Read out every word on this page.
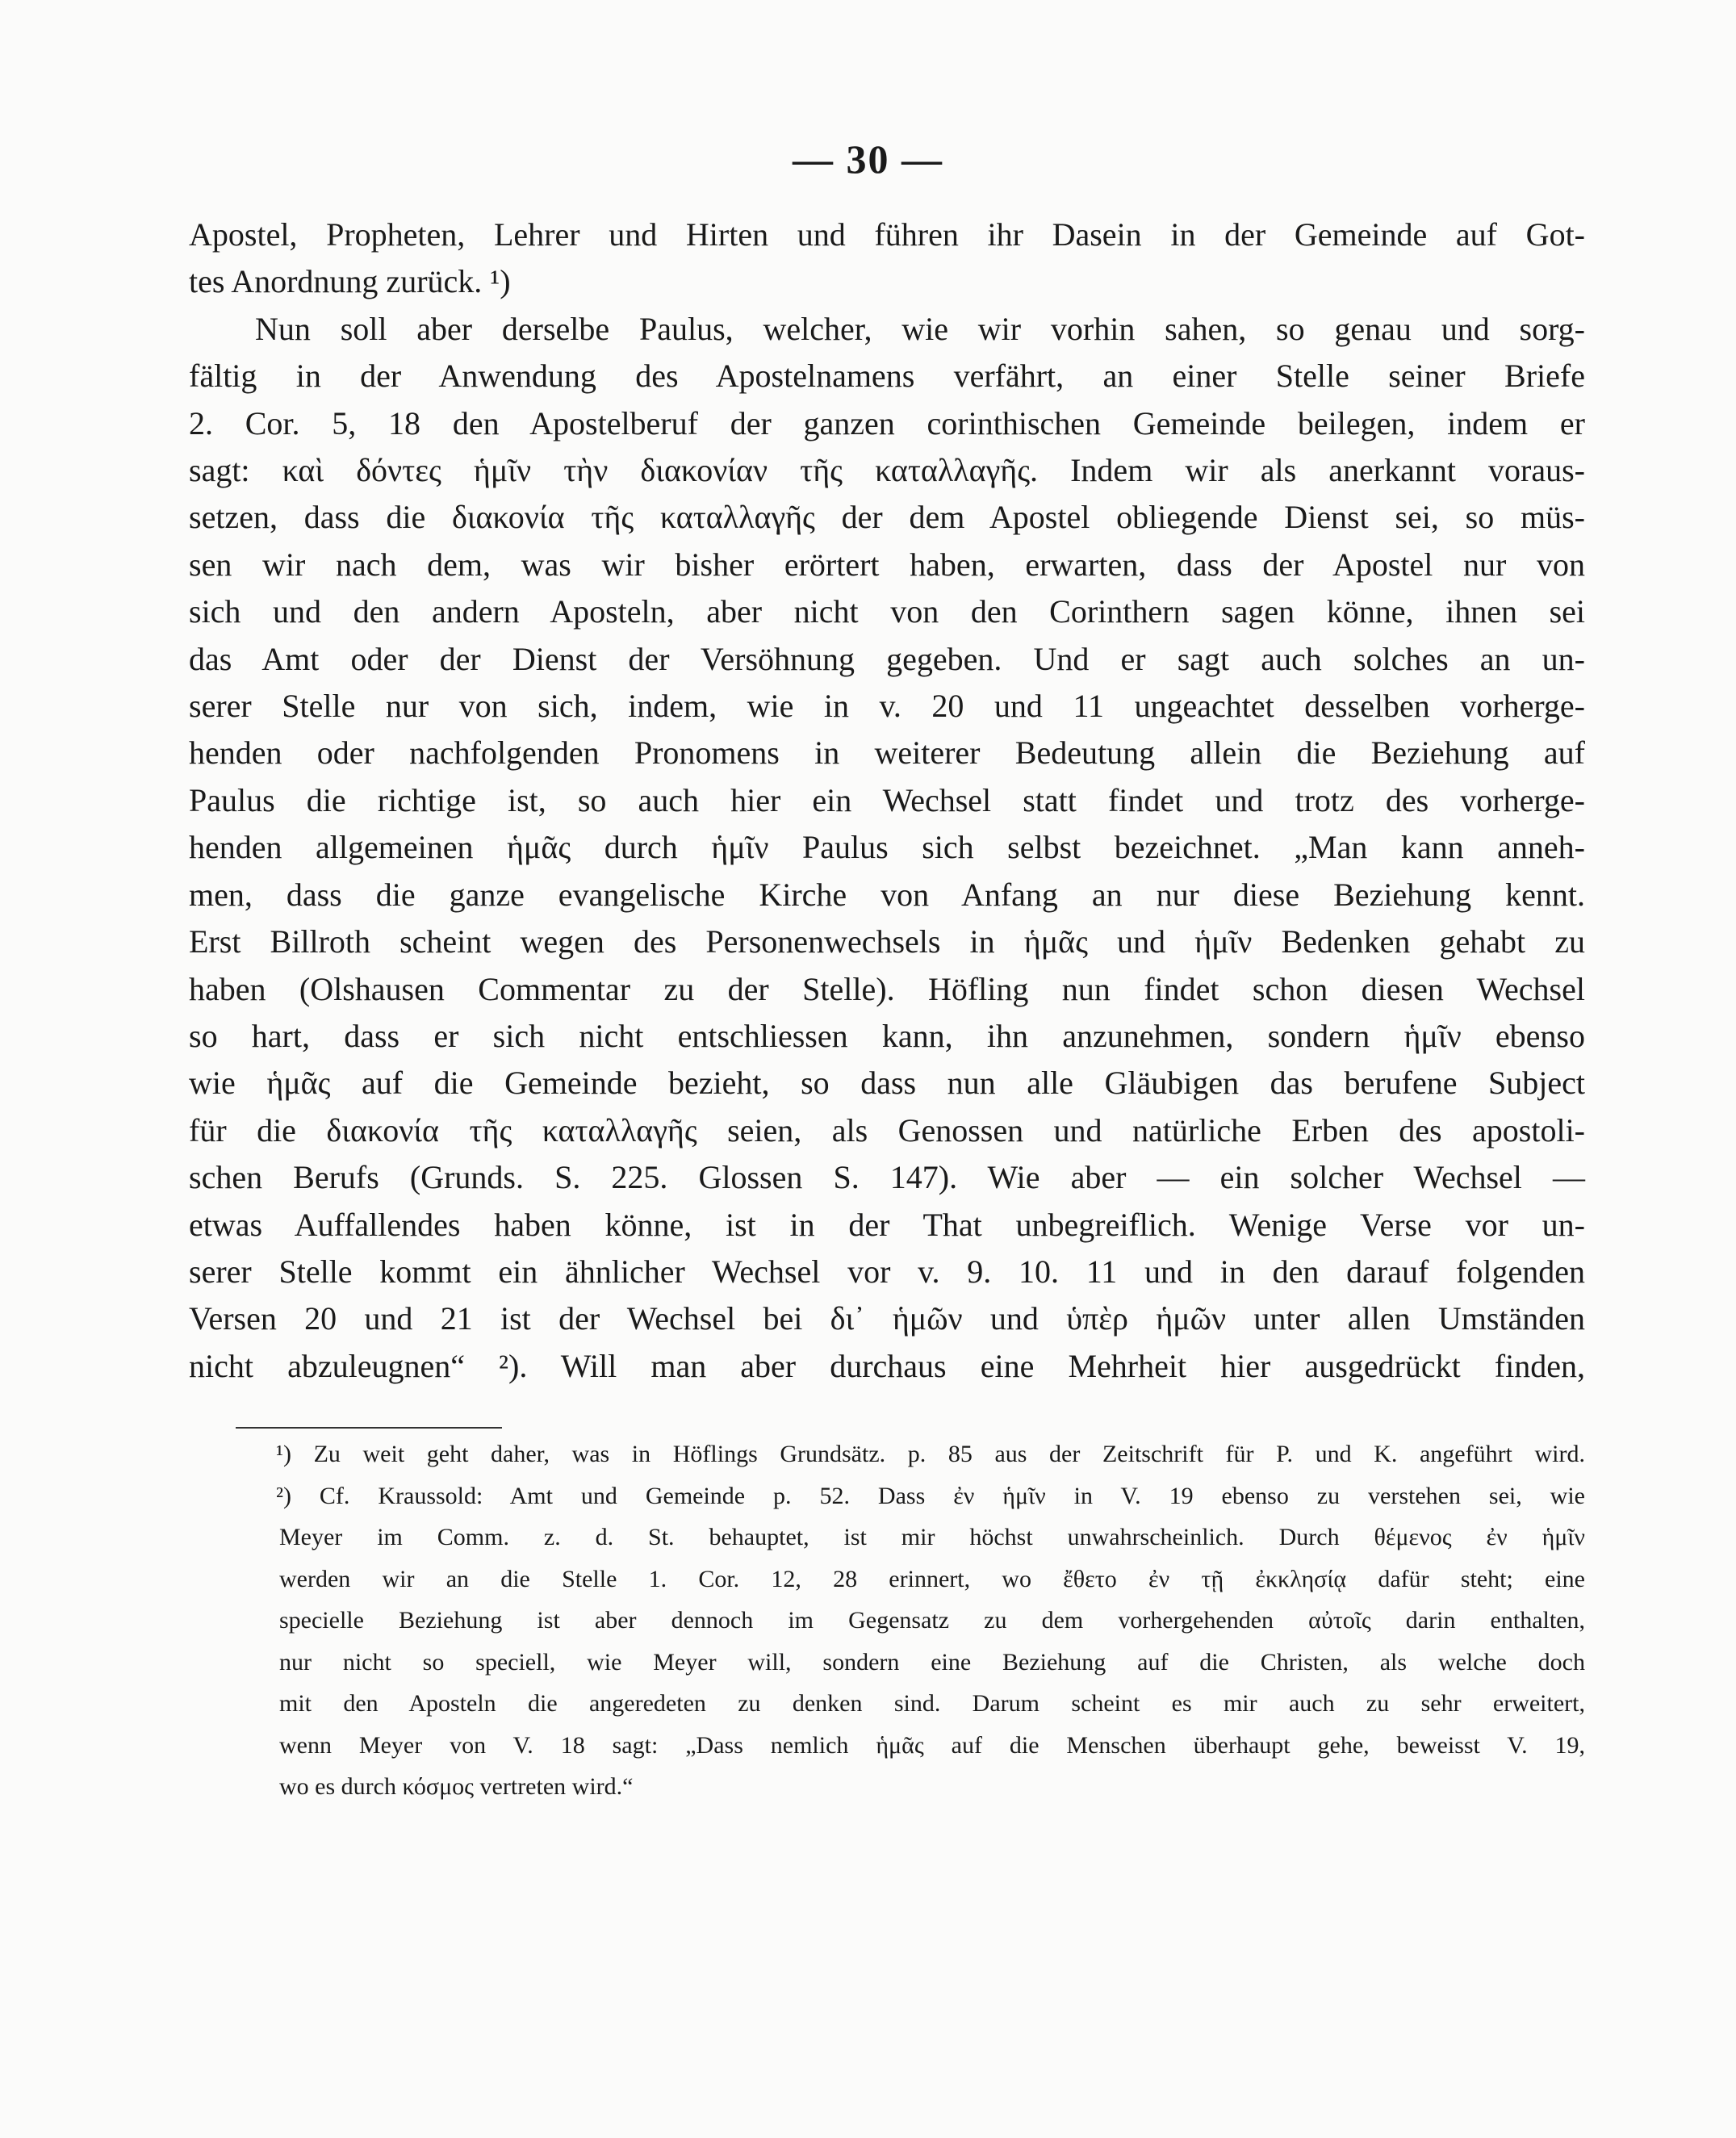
— 30 —
Apostel, Propheten, Lehrer und Hirten und führen ihr Dasein in der Gemeinde auf Got-
tes Anordnung zurück. ¹)
Nun soll aber derselbe Paulus, welcher, wie wir vorhin sahen, so genau und sorg-
fältig in der Anwendung des Apostelnamens verfährt, an einer Stelle seiner Briefe
2. Cor. 5, 18 den Apostelberuf der ganzen corinthischen Gemeinde beilegen, indem er
sagt: καὶ δόντες ἡμῖν τὴν διακονίαν τῆς καταλλαγῆς. Indem wir als anerkannt voraus-
setzen, dass die διακονία τῆς καταλλαγῆς der dem Apostel obliegende Dienst sei, so müs-
sen wir nach dem, was wir bisher erörtert haben, erwarten, dass der Apostel nur von
sich und den andern Aposteln, aber nicht von den Corinthern sagen könne, ihnen sei
das Amt oder der Dienst der Versöhnung gegeben. Und er sagt auch solches an un-
serer Stelle nur von sich, indem, wie in v. 20 und 11 ungeachtet desselben vorherge-
henden oder nachfolgenden Pronomens in weiterer Bedeutung allein die Beziehung auf
Paulus die richtige ist, so auch hier ein Wechsel statt findet und trotz des vorherge-
henden allgemeinen ἡμᾶς durch ἡμῖν Paulus sich selbst bezeichnet. „Man kann anneh-
men, dass die ganze evangelische Kirche von Anfang an nur diese Beziehung kennt.
Erst Billroth scheint wegen des Personenwechsels in ἡμᾶς und ἡμῖν Bedenken gehabt zu
haben (Olshausen Commentar zu der Stelle). Höfling nun findet schon diesen Wechsel
so hart, dass er sich nicht entschliessen kann, ihn anzunehmen, sondern ἡμῖν ebenso
wie ἡμᾶς auf die Gemeinde bezieht, so dass nun alle Gläubigen das berufene Subject
für die διακονία τῆς καταλλαγῆς seien, als Genossen und natürliche Erben des apostoli-
schen Berufs (Grunds. S. 225. Glossen S. 147). Wie aber — ein solcher Wechsel —
etwas Auffallendes haben könne, ist in der That unbegreiflich. Wenige Verse vor un-
serer Stelle kommt ein ähnlicher Wechsel vor v. 9. 10. 11 und in den darauf folgenden
Versen 20 und 21 ist der Wechsel bei δι᾽ ἡμῶν und ὑπὲρ ἡμῶν unter allen Umständen
nicht abzuleugnen“ ²). Will man aber durchaus eine Mehrheit hier ausgedrückt finden,
¹) Zu weit geht daher, was in Höflings Grundsätz. p. 85 aus der Zeitschrift für P. und K. angeführt wird.
²) Cf. Kraussold: Amt und Gemeinde p. 52. Dass ἐν ἡμῖν in V. 19 ebenso zu verstehen sei, wie
Meyer im Comm. z. d. St. behauptet, ist mir höchst unwahrscheinlich. Durch θέμενος ἐν ἡμῖν
werden wir an die Stelle 1. Cor. 12, 28 erinnert, wo ἔθετο ἐν τῇ ἐκκλησίᾳ dafür steht; eine
specielle Beziehung ist aber dennoch im Gegensatz zu dem vorhergehenden αὐτοῖς darin enthalten,
nur nicht so speciell, wie Meyer will, sondern eine Beziehung auf die Christen, als welche doch
mit den Aposteln die angeredeten zu denken sind. Darum scheint es mir auch zu sehr erweitert,
wenn Meyer von V. 18 sagt: „Dass nemlich ἡμᾶς auf die Menschen überhaupt gehe, beweisst V. 19,
wo es durch κόσμος vertreten wird.“
